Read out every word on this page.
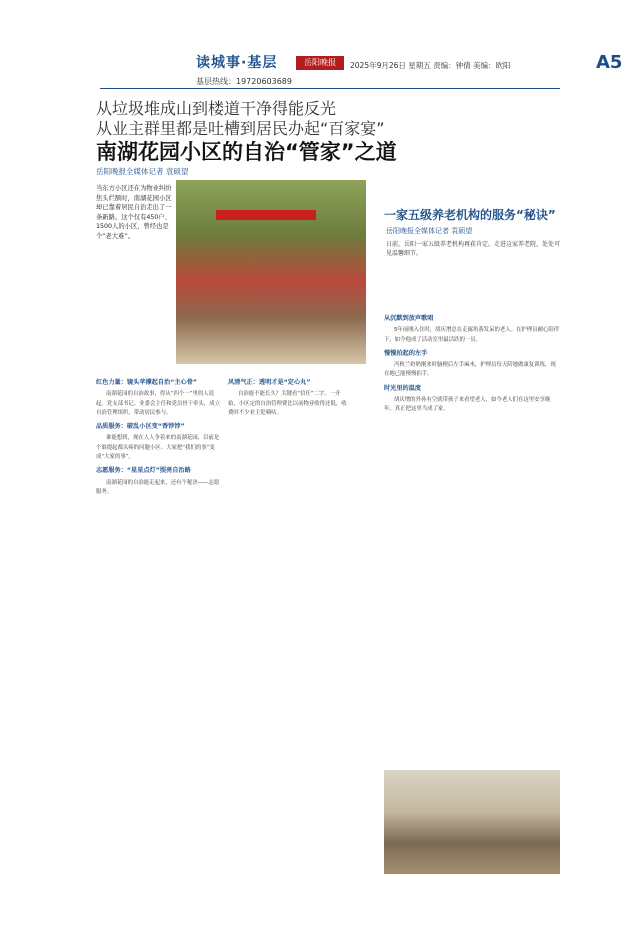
读城事·基层	岳阳晚报	2025年9月26日 星期五 责编：钟倩 美编：欧阳	A5
基层热线：19720603689
从垃圾堆成山到楼道干净得能反光
从业主群里都是吐槽到居民办起“百家宴”
南湖花园小区的自治“管家”之道
岳阳晚报全媒体记者 袁硕望
当东方小区还在为物业纠纷焦头烂额时，南湖花园小区却已靠着居民自治走出了一条新路。这个仅有450户、1500人的小区，曾经也是个“老大难”。
红色力量：镜头苹撑起自治“主心骨”

南湖花园的自治故事，得从“四个一”里的人说起。党支部书记、业委会主任和党员骨干牵头，成立自治管理组织，带动居民参与。

品质服务：破乱小区变“香饽饽”

谁能想到，现在人人争着来的南湖花园，以前是个谁提起都头疼的问题小区。大家把“我们的事”变成“大家的事”。

志愿服务：“星星点灯”照亮自治路

南湖花园的自治能走起来，还有个秘诀——志愿服务。

风清气正：透明才是“定心丸”

自治能不能长久？关键看“信任”二字。一开始，小区定的自治管理费比以前物业收得还低，收费时不少业主犯嘀咕。

一家五级养老机构的服务“秘诀”
岳阳晚报全媒体记者 袁硕望
日前，岳阳一家五级养老机构再获肯定。走进这家养老院，处处可见温馨细节。
从沉默到放声歌唱

5年前刚入住时，胡庆增总在走廊角落发呆的老人。在护理员耐心陪伴下，如今他成了活动室里最活跃的一员。

慢慢拍起的左手

冯秋兰奶奶刚来时脑梗后左手麻木，护理员每天陪她做康复训练，现在她已能慢慢拍手。

时光里的温度

胡庆增的外孙有空就带孩子来看望老人，如今老人们在这里安享晚年，真正把这里当成了家。
